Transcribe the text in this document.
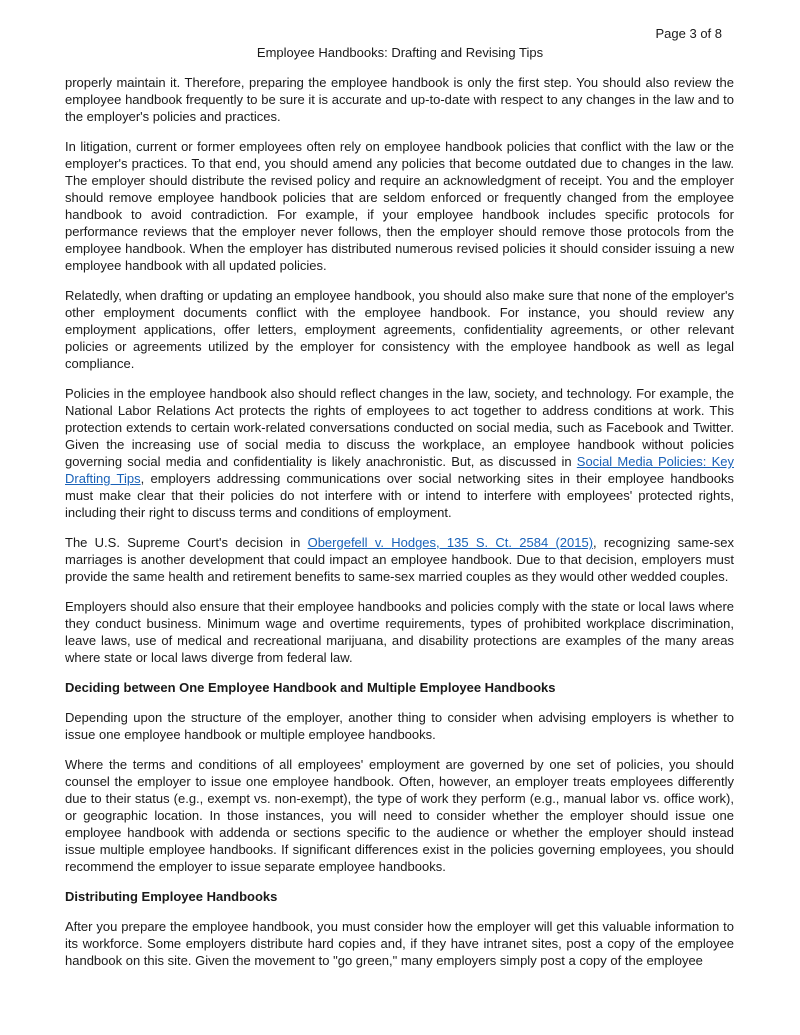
Page 3 of 8
Employee Handbooks: Drafting and Revising Tips

properly maintain it. Therefore, preparing the employee handbook is only the first step. You should also review the employee handbook frequently to be sure it is accurate and up-to-date with respect to any changes in the law and to the employer's policies and practices.

In litigation, current or former employees often rely on employee handbook policies that conflict with the law or the employer's practices. To that end, you should amend any policies that become outdated due to changes in the law. The employer should distribute the revised policy and require an acknowledgment of receipt. You and the employer should remove employee handbook policies that are seldom enforced or frequently changed from the employee handbook to avoid contradiction. For example, if your employee handbook includes specific protocols for performance reviews that the employer never follows, then the employer should remove those protocols from the employee handbook. When the employer has distributed numerous revised policies it should consider issuing a new employee handbook with all updated policies.

Relatedly, when drafting or updating an employee handbook, you should also make sure that none of the employer's other employment documents conflict with the employee handbook. For instance, you should review any employment applications, offer letters, employment agreements, confidentiality agreements, or other relevant policies or agreements utilized by the employer for consistency with the employee handbook as well as legal compliance.

Policies in the employee handbook also should reflect changes in the law, society, and technology. For example, the National Labor Relations Act protects the rights of employees to act together to address conditions at work. This protection extends to certain work-related conversations conducted on social media, such as Facebook and Twitter. Given the increasing use of social media to discuss the workplace, an employee handbook without policies governing social media and confidentiality is likely anachronistic. But, as discussed in Social Media Policies: Key Drafting Tips, employers addressing communications over social networking sites in their employee handbooks must make clear that their policies do not interfere with or intend to interfere with employees' protected rights, including their right to discuss terms and conditions of employment.

The U.S. Supreme Court's decision in Obergefell v. Hodges, 135 S. Ct. 2584 (2015), recognizing same-sex marriages is another development that could impact an employee handbook. Due to that decision, employers must provide the same health and retirement benefits to same-sex married couples as they would other wedded couples.

Employers should also ensure that their employee handbooks and policies comply with the state or local laws where they conduct business. Minimum wage and overtime requirements, types of prohibited workplace discrimination, leave laws, use of medical and recreational marijuana, and disability protections are examples of the many areas where state or local laws diverge from federal law.

Deciding between One Employee Handbook and Multiple Employee Handbooks

Depending upon the structure of the employer, another thing to consider when advising employers is whether to issue one employee handbook or multiple employee handbooks.

Where the terms and conditions of all employees' employment are governed by one set of policies, you should counsel the employer to issue one employee handbook. Often, however, an employer treats employees differently due to their status (e.g., exempt vs. non-exempt), the type of work they perform (e.g., manual labor vs. office work), or geographic location. In those instances, you will need to consider whether the employer should issue one employee handbook with addenda or sections specific to the audience or whether the employer should instead issue multiple employee handbooks. If significant differences exist in the policies governing employees, you should recommend the employer to issue separate employee handbooks.

Distributing Employee Handbooks

After you prepare the employee handbook, you must consider how the employer will get this valuable information to its workforce. Some employers distribute hard copies and, if they have intranet sites, post a copy of the employee handbook on this site. Given the movement to "go green," many employers simply post a copy of the employee
